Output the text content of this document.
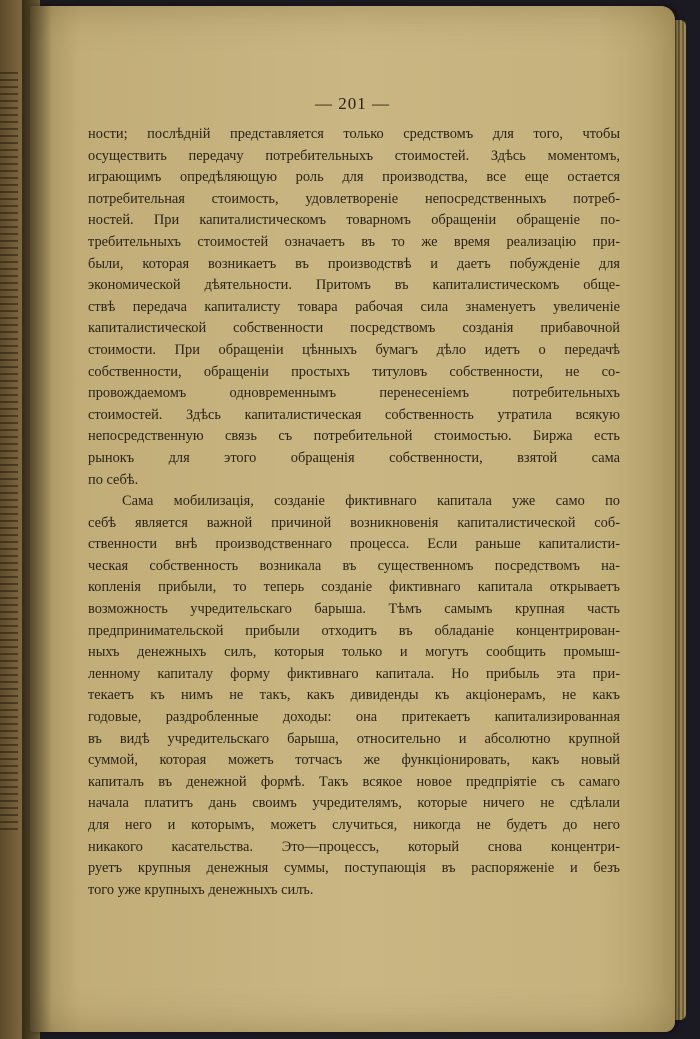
— 201 —
ности; послѣдній представляется только средствомъ для того, чтобы
осуществить передачу потребительныхъ стоимостей. Здѣсь моментомъ,
играющимъ опредѣляющую роль для производства, все еще остается
потребительная стоимость, удовлетвореніе непосредственныхъ потреб-
ностей. При капиталистическомъ товарномъ обращеніи обращеніе по-
требительныхъ стоимостей означаетъ въ то же время реализацію при-
были, которая возникаетъ въ производствѣ и даетъ побужденіе для
экономической дѣятельности. Притомъ въ капиталистическомъ обще-
ствѣ передача капиталисту товара рабочая сила знаменуетъ увеличеніе
капиталистической собственности посредствомъ созданія прибавочной
стоимости. При обращеніи цѣнныхъ бумагъ дѣло идетъ о передачѣ
собственности, обращеніи простыхъ титуловъ собственности, не со-
провождаемомъ одновременнымъ перенесеніемъ потребительныхъ
стоимостей. Здѣсь капиталистическая собственность утратила всякую
непосредственную связь съ потребительной стоимостью. Биржа есть
рынокъ для этого обращенія собственности, взятой сама
по себѣ.
Сама мобилизація, созданіе фиктивнаго капитала уже само по
себѣ является важной причиной возникновенія капиталистической соб-
ственности внѣ производственнаго процесса. Если раньше капиталисти-
ческая собственность возникала въ существенномъ посредствомъ на-
копленія прибыли, то теперь созданіе фиктивнаго капитала открываетъ
возможность учредительскаго барыша. Тѣмъ самымъ крупная часть
предпринимательской прибыли отходитъ въ обладаніе концентрирован-
ныхъ денежныхъ силъ, которыя только и могутъ сообщить промыш-
ленному капиталу форму фиктивнаго капитала. Но прибыль эта при-
текаетъ къ нимъ не такъ, какъ дивиденды къ акціонерамъ, не какъ
годовые, раздробленные доходы: она притекаетъ капитализированная
въ видѣ учредительскаго барыша, относительно и абсолютно крупной
суммой, которая можетъ тотчасъ же функціонировать, какъ новый
капиталъ въ денежной формѣ. Такъ всякое новое предпріятіе съ самаго
начала платитъ дань своимъ учредителямъ, которые ничего не сдѣлали
для него и которымъ, можетъ случиться, никогда не будетъ до него
никакого касательства. Это—процессъ, который снова концентри-
руетъ крупныя денежныя суммы, поступающія въ распоряженіе и безъ
того уже крупныхъ денежныхъ силъ.
